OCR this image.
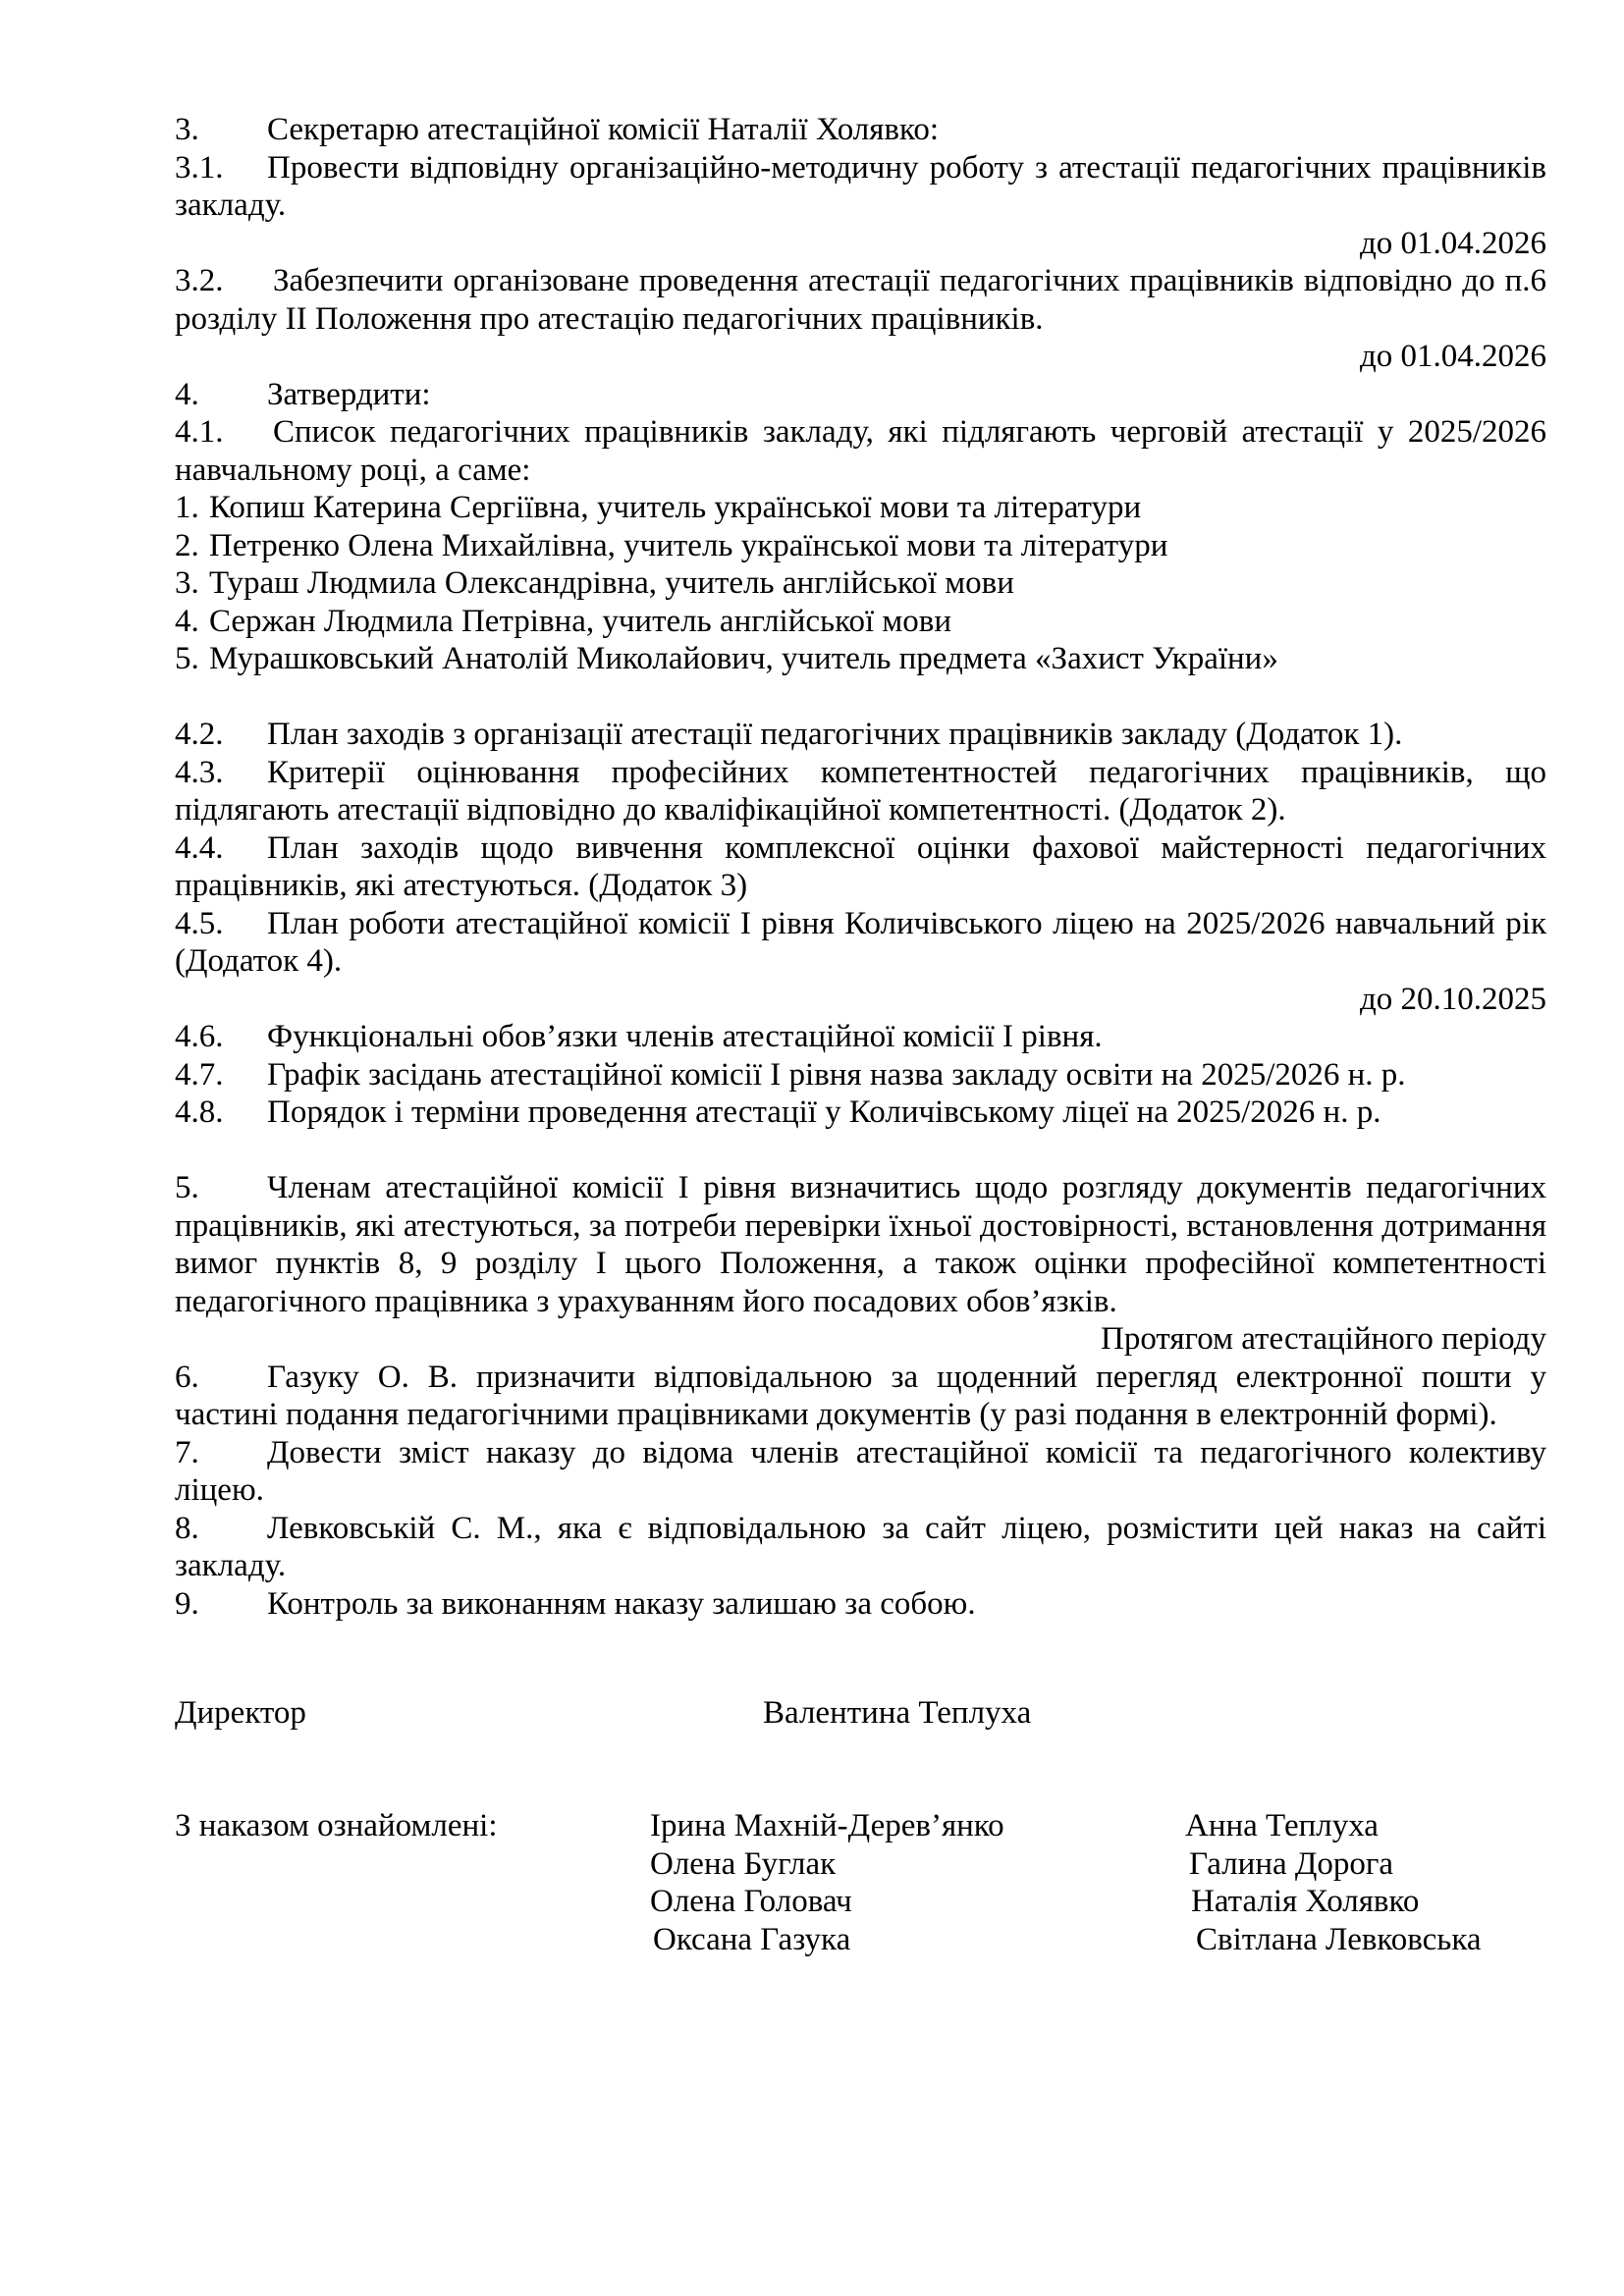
3. Секретарю атестаційної комісії Наталії Холявко:
3.1. Провести відповідну організаційно-методичну роботу з атестації педагогічних працівників закладу.
до 01.04.2026
3.2. Забезпечити організоване проведення атестації педагогічних працівників відповідно до п.6 розділу ІІ Положення про атестацію педагогічних працівників.
до 01.04.2026
4. Затвердити:
4.1. Список педагогічних працівників закладу, які підлягають черговій атестації у 2025/2026 навчальному році, а саме:
1. Копиш Катерина Сергіївна, учитель української мови та літератури
2. Петренко Олена Михайлівна, учитель української мови та літератури
3. Тураш Людмила Олександрівна, учитель англійської мови
4. Сержан Людмила Петрівна, учитель англійської мови
5. Мурашковський Анатолій Миколайович, учитель предмета «Захист України»
4.2. План заходів з організації атестації педагогічних працівників закладу (Додаток 1).
4.3. Критерії оцінювання професійних компетентностей педагогічних працівників, що підлягають атестації відповідно до кваліфікаційної компетентності. (Додаток 2).
4.4. План заходів щодо вивчення комплексної оцінки фахової майстерності педагогічних працівників, які атестуються. (Додаток 3)
4.5. План роботи атестаційної комісії І рівня Количівського ліцею на 2025/2026 навчальний рік (Додаток 4).
до 20.10.2025
4.6. Функціональні обов’язки членів атестаційної комісії І рівня.
4.7. Графік засідань атестаційної комісії І рівня назва закладу освіти на 2025/2026 н. р.
4.8. Порядок і терміни проведення атестації у Количівському ліцеї на 2025/2026 н. р.
5. Членам атестаційної комісії І рівня визначитись щодо розгляду документів педагогічних працівників, які атестуються, за потреби перевірки їхньої достовірності, встановлення дотримання вимог пунктів 8, 9 розділу І цього Положення, а також оцінки професійної компетентності педагогічного працівника з урахуванням його посадових обов’язків.
Протягом атестаційного періоду
6. Газуку О. В. призначити відповідальною за щоденний перегляд електронної пошти у частині подання педагогічними працівниками документів (у разі подання в електронній формі).
7. Довести зміст наказу до відома членів атестаційної комісії та педагогічного колективу ліцею.
8. Левковській С. М., яка є відповідальною за сайт ліцею, розмістити цей наказ на сайті закладу.
9. Контроль за виконанням наказу залишаю за собою.
Директор	Валентина Теплуха
З наказом ознайомлені:	Ірина Махній-Дерев’янко
Олена Буглак
Олена Головач
Оксана Газука
Анна Теплуха
Галина Дорога
Наталія Холявко
Світлана Левковська
